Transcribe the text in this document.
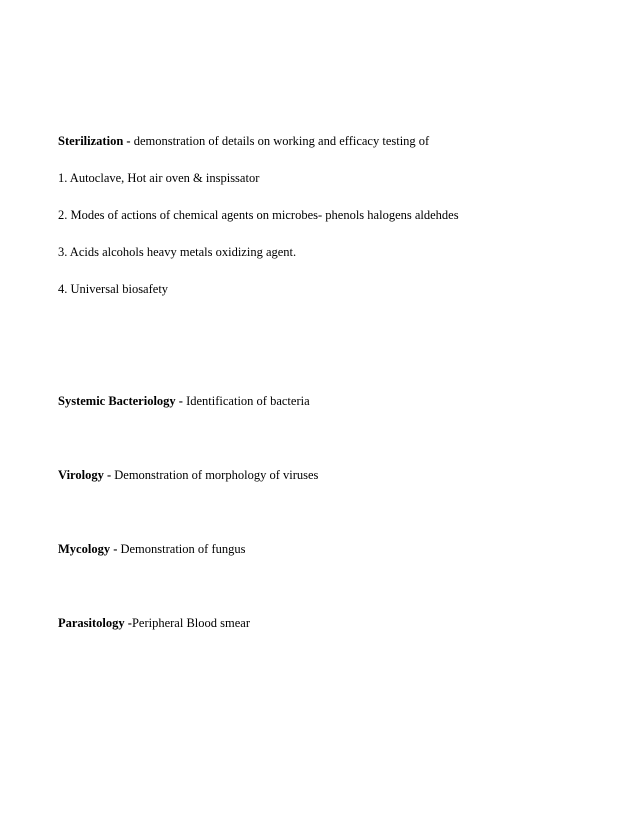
Sterilization - demonstration of details on working and efficacy testing of
1. Autoclave, Hot air oven & inspissator
2. Modes of actions of chemical agents on microbes- phenols halogens aldehdes
3. Acids alcohols heavy metals oxidizing agent.
4. Universal biosafety
Systemic Bacteriology - Identification of bacteria
Virology - Demonstration of morphology of viruses
Mycology - Demonstration of fungus
Parasitology -Peripheral Blood smear
